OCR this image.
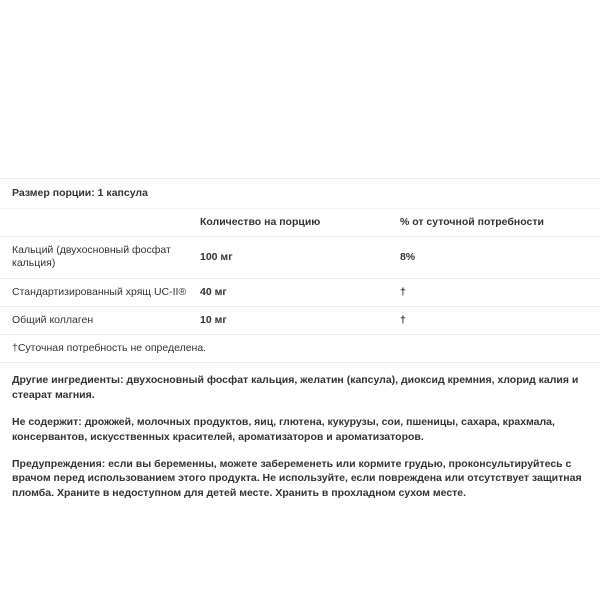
Размер порции: 1 капсула		
	Количество на порцию	% от суточной потребности
Кальций (двухосновный фосфат кальция)	100 мг	8%
Стандартизированный хрящ UC-II®	40 мг	†
Общий коллаген	10 мг	†
†Суточная потребность не определена.		

Другие ингредиенты: двухосновный фосфат кальция, желатин (капсула), диоксид кремния, хлорид калия и стеарат магния.

Не содержит: дрожжей, молочных продуктов, яиц, глютена, кукурузы, сои, пшеницы, сахара, крахмала, консервантов, искусственных красителей, ароматизаторов и ароматизаторов.

Предупреждения: если вы беременны, можете забеременеть или кормите грудью, проконсультируйтесь с врачом перед использованием этого продукта. Не используйте, если повреждена или отсутствует защитная пломба. Храните в недоступном для детей месте. Хранить в прохладном сухом месте.
